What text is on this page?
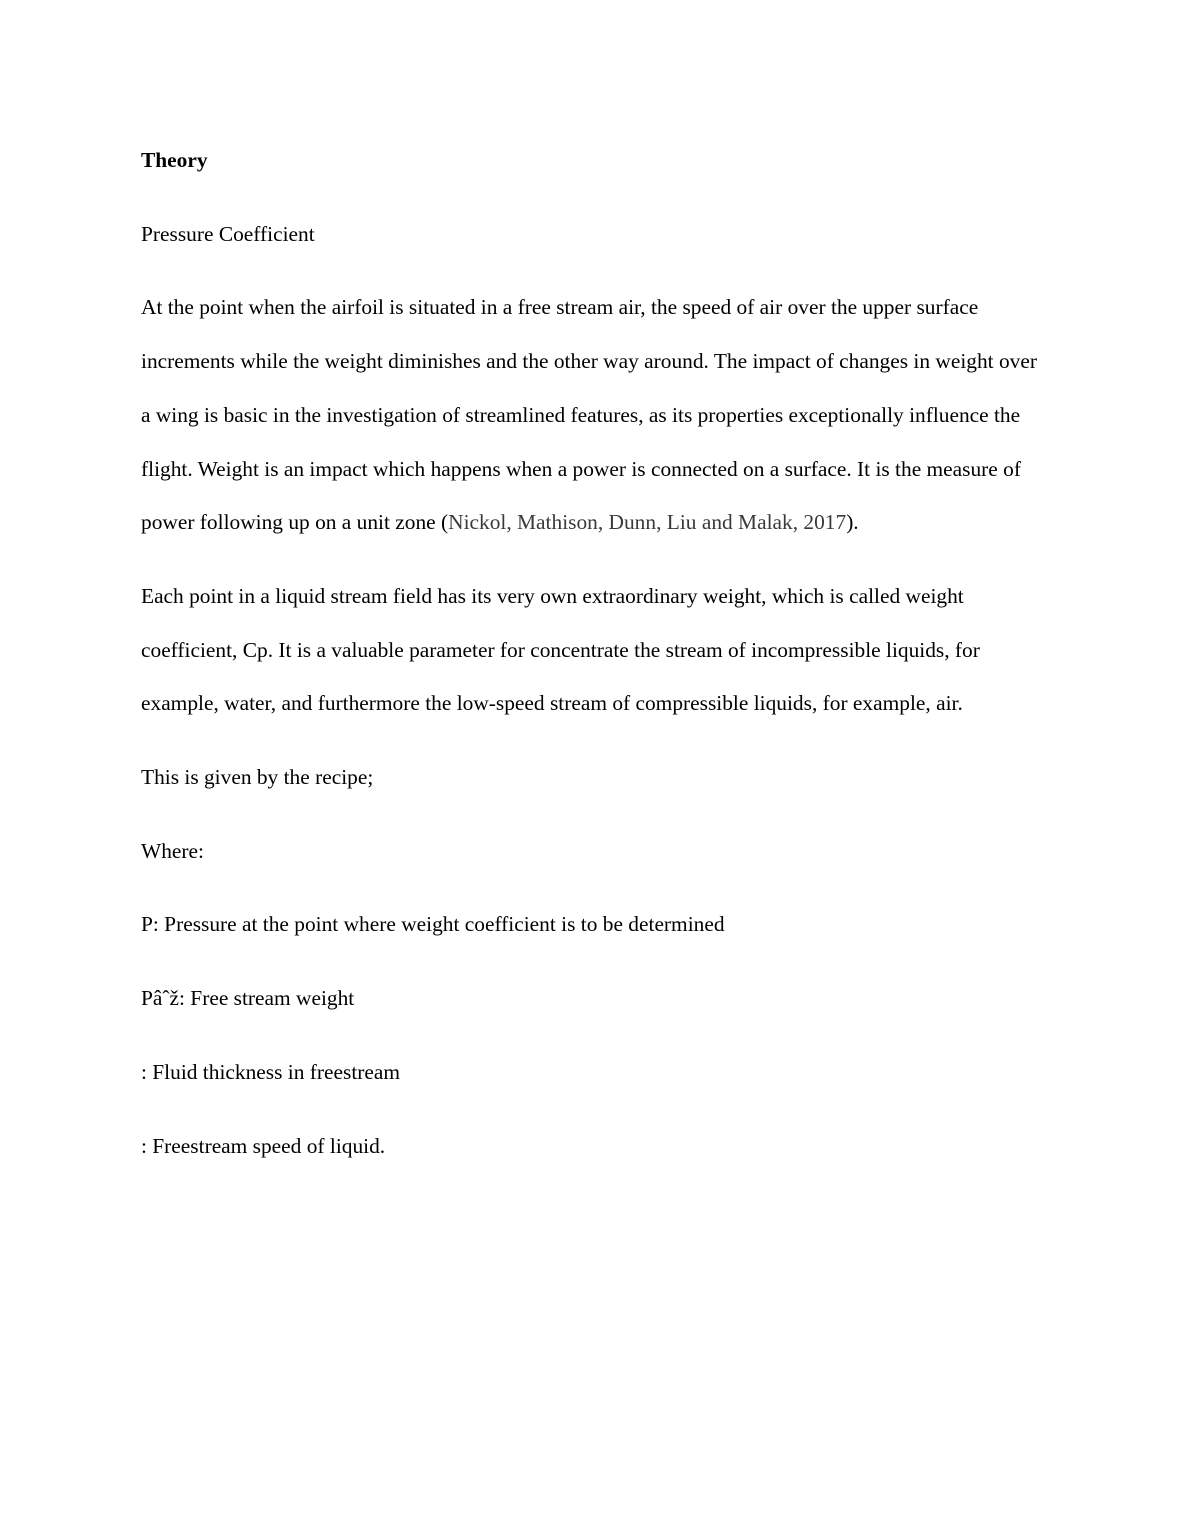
Theory

Pressure Coefficient

At the point when the airfoil is situated in a free stream air, the speed of air over the upper surface increments while the weight diminishes and the other way around. The impact of changes in weight over a wing is basic in the investigation of streamlined features, as its properties exceptionally influence the flight. Weight is an impact which happens when a power is connected on a surface. It is the measure of power following up on a unit zone (Nickol, Mathison, Dunn, Liu and Malak, 2017).

Each point in a liquid stream field has its very own extraordinary weight, which is called weight coefficient, Cp. It is a valuable parameter for concentrate the stream of incompressible liquids, for example, water, and furthermore the low-speed stream of compressible liquids, for example, air.

This is given by the recipe;

Where:

P: Pressure at the point where weight coefficient is to be determined

Pâˆž: Free stream weight

: Fluid thickness in freestream

: Freestream speed of liquid.
